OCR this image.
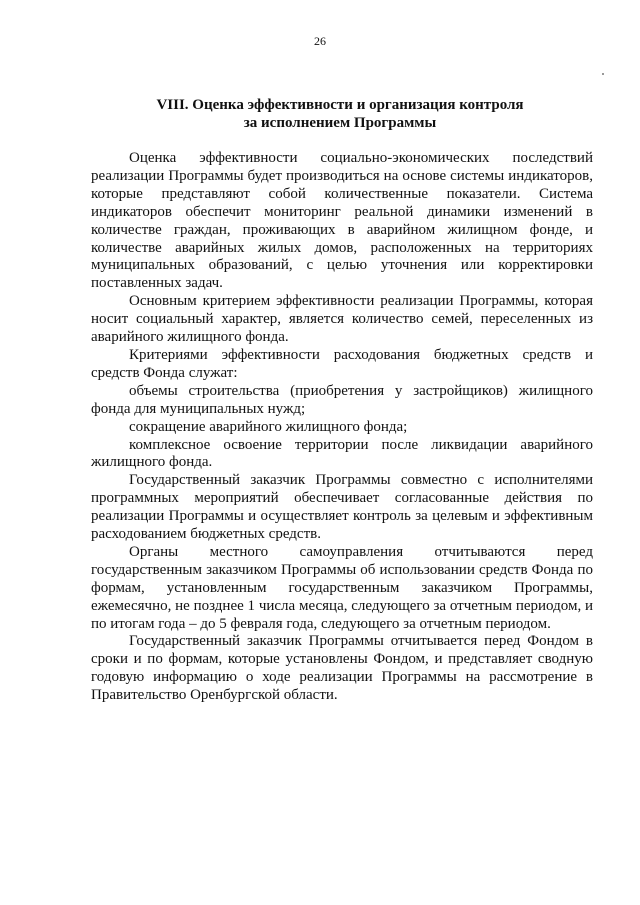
26
VIII. Оценка эффективности и организация контроля
за исполнением Программы

Оценка эффективности социально-экономических последствий реализации Программы будет производиться на основе системы индикаторов, которые представляют собой количественные показатели. Система индикаторов обеспечит мониторинг реальной динамики изменений в количестве граждан, проживающих в аварийном жилищном фонде, и количестве аварийных жилых домов, расположенных на территориях муниципальных образований, с целью уточнения или корректировки поставленных задач.

Основным критерием эффективности реализации Программы, которая носит социальный характер, является количество семей, переселенных из аварийного жилищного фонда.

Критериями эффективности расходования бюджетных средств и средств Фонда служат:

объемы строительства (приобретения у застройщиков) жилищного фонда для муниципальных нужд;

сокращение аварийного жилищного фонда;

комплексное освоение территории после ликвидации аварийного жилищного фонда.

Государственный заказчик Программы совместно с исполнителями программных мероприятий обеспечивает согласованные действия по реализации Программы и осуществляет контроль за целевым и эффективным расходованием бюджетных средств.

Органы местного самоуправления отчитываются перед государственным заказчиком Программы об использовании средств Фонда по формам, установленным государственным заказчиком Программы, ежемесячно, не позднее 1 числа месяца, следующего за отчетным периодом, и по итогам года – до 5 февраля года, следующего за отчетным периодом.

Государственный заказчик Программы отчитывается перед Фондом в сроки и по формам, которые установлены Фондом, и представляет сводную годовую информацию о ходе реализации Программы на рассмотрение в Правительство Оренбургской области.
